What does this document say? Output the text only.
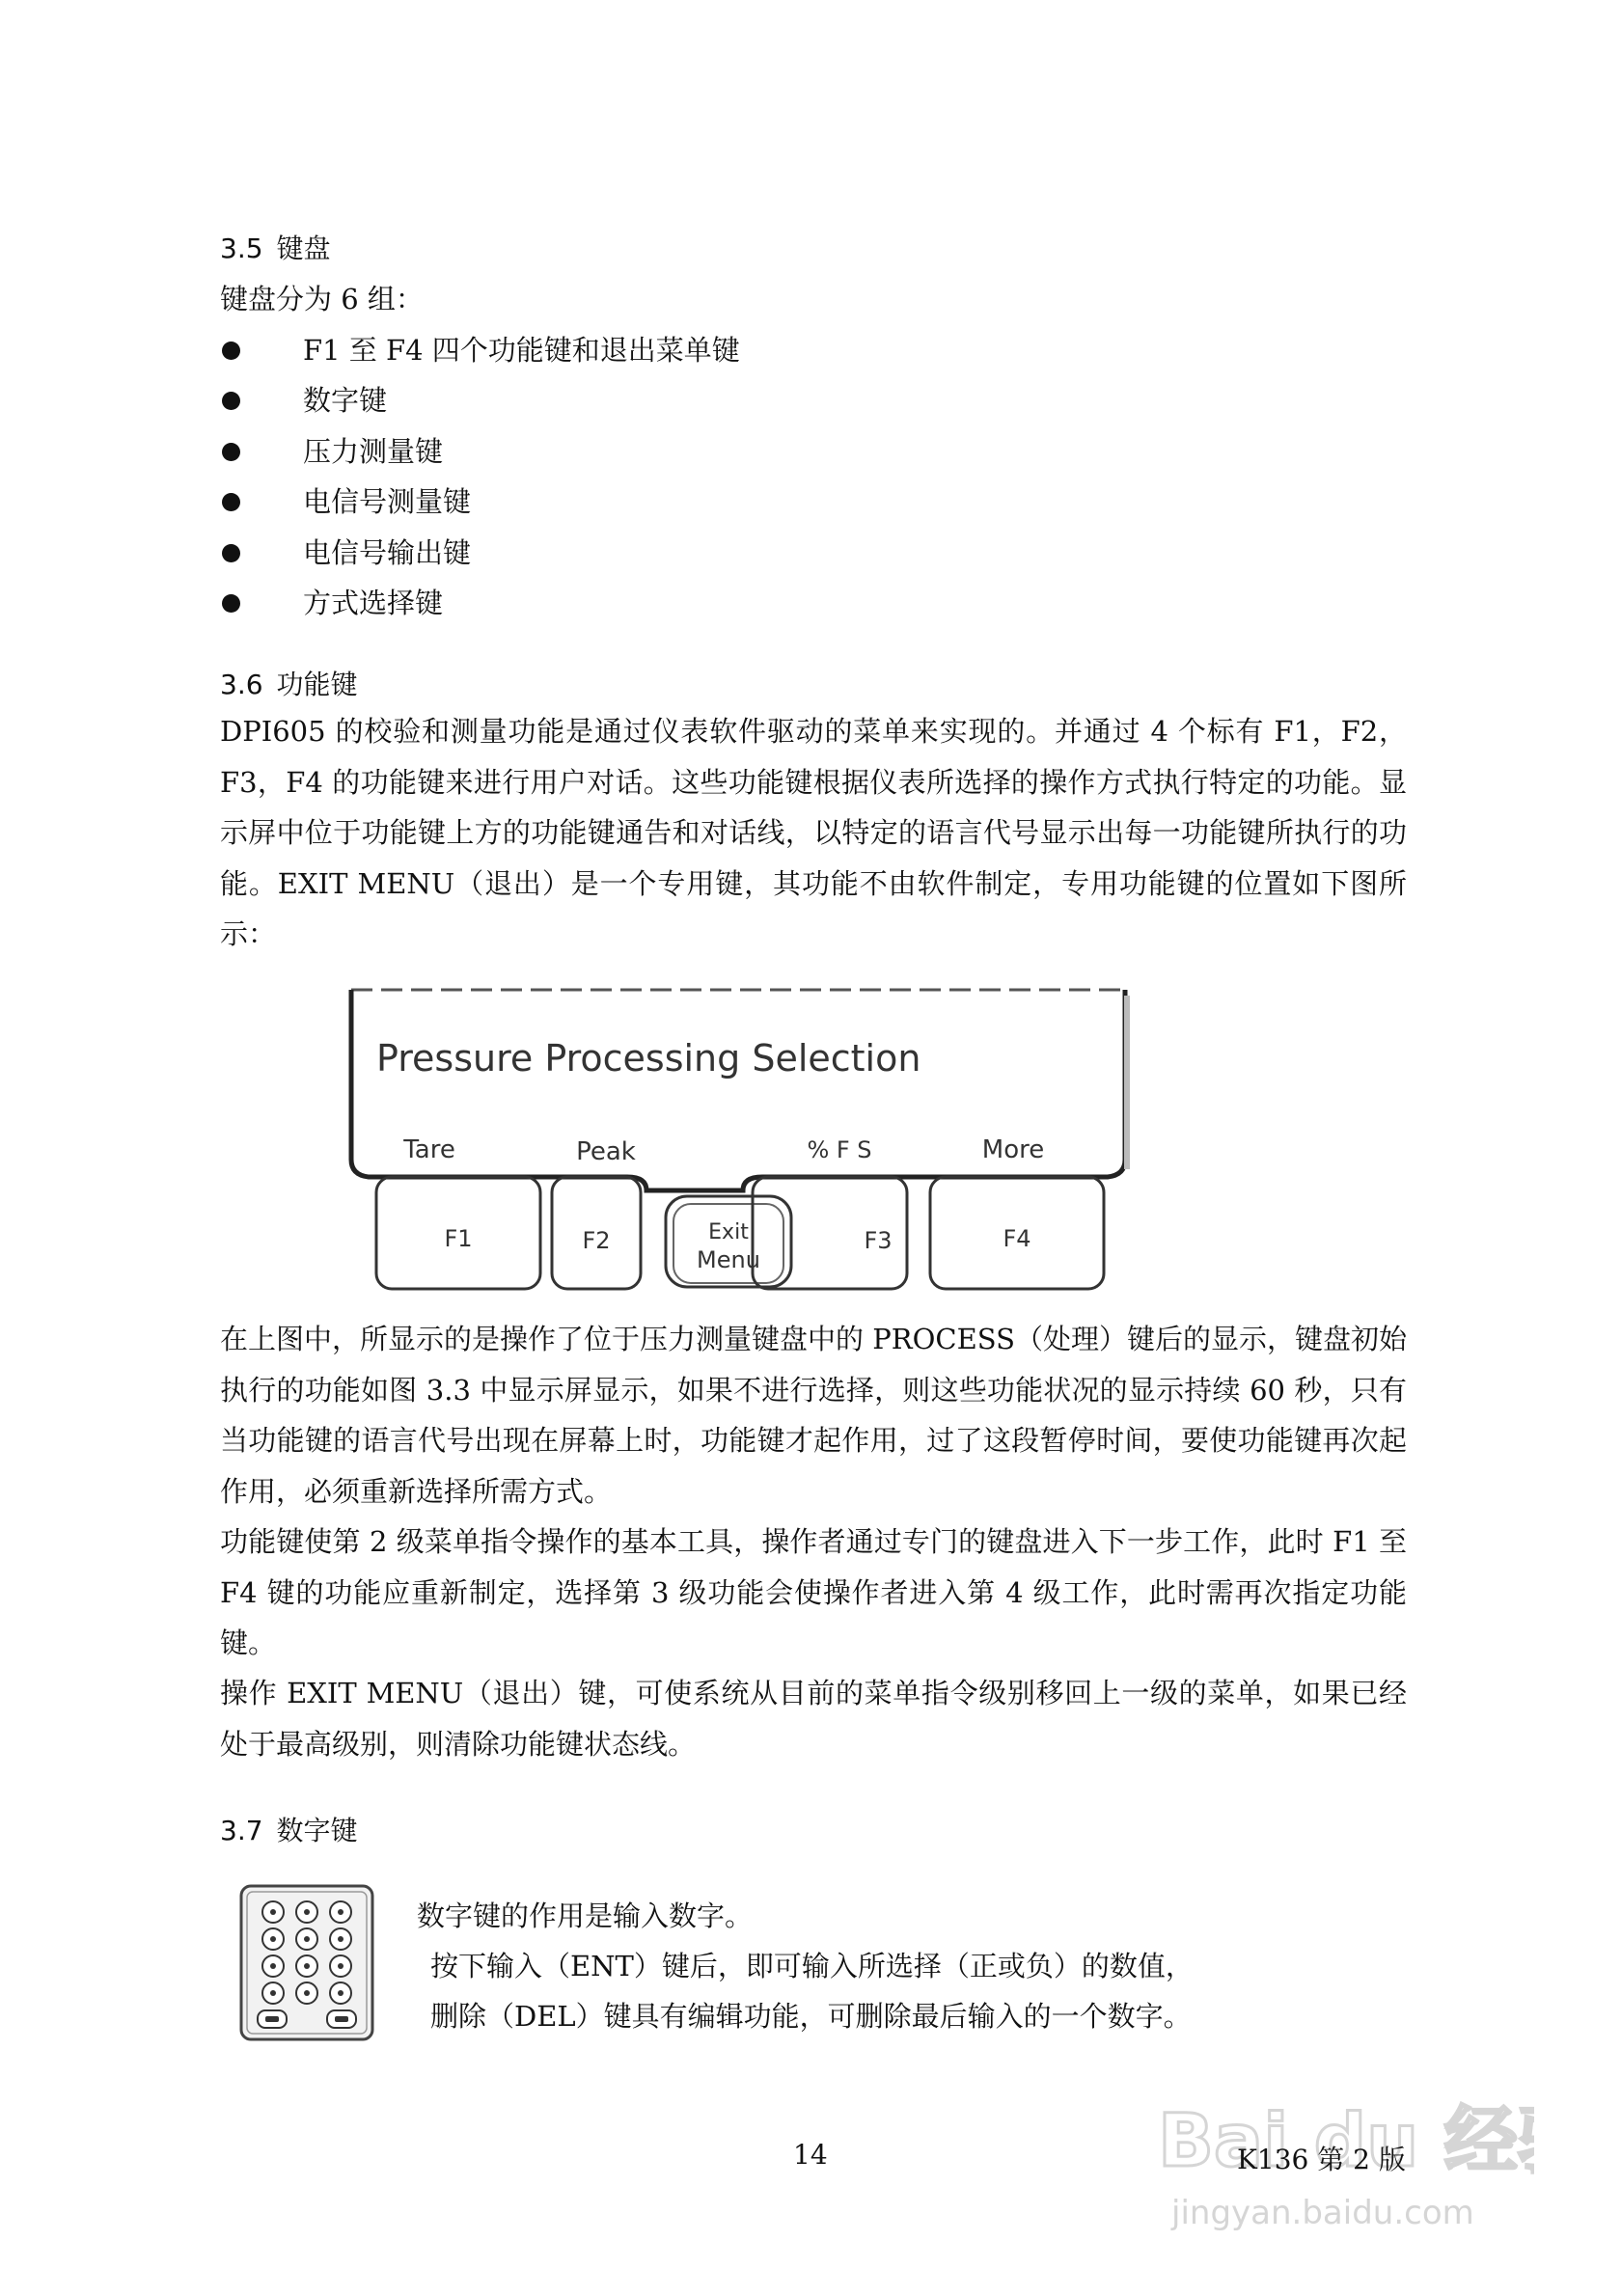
3.5 键盘
键盘分为 6 组：
F1 至 F4 四个功能键和退出菜单键
数字键
压力测量键
电信号测量键
电信号输出键
方式选择键
3.6 功能键

DPI605 的校验和测量功能是通过仪表软件驱动的菜单来实现的。并通过 4 个标有 F1，F2，F3，F4 的功能键来进行用户对话。这些功能键根据仪表所选择的操作方式执行特定的功能。显示屏中位于功能键上方的功能键通告和对话线，以特定的语言代号显示出每一功能键所执行的功能。EXIT MENU（退出）是一个专用键，其功能不由软件制定，专用功能键的位置如下图所示：

Pressure Processing Selection
Tare	Peak	% F S	More
F1	F2	Exit
Menu
F3	F4

在上图中，所显示的是操作了位于压力测量键盘中的 PROCESS（处理）键后的显示，键盘初始执行的功能如图 3.3 中显示屏显示，如果不进行选择，则这些功能状况的显示持续 60 秒，只有当功能键的语言代号出现在屏幕上时，功能键才起作用，过了这段暂停时间，要使功能键再次起作用，必须重新选择所需方式。

功能键使第 2 级菜单指令操作的基本工具，操作者通过专门的键盘进入下一步工作，此时 F1 至 F4 键的功能应重新制定，选择第 3 级功能会使操作者进入第 4 级工作，此时需再次指定功能键。

操作 EXIT MENU（退出）键，可使系统从目前的菜单指令级别移回上一级的菜单，如果已经处于最高级别，则清除功能键状态线。

3.7 数字键
数字键的作用是输入数字。
按下输入（ENT）键后，即可输入所选择（正或负）的数值，
删除（DEL）键具有编辑功能，可删除最后输入的一个数字。
Bai du 经
jingyan.baidu.com
14	K136 第 2 版
